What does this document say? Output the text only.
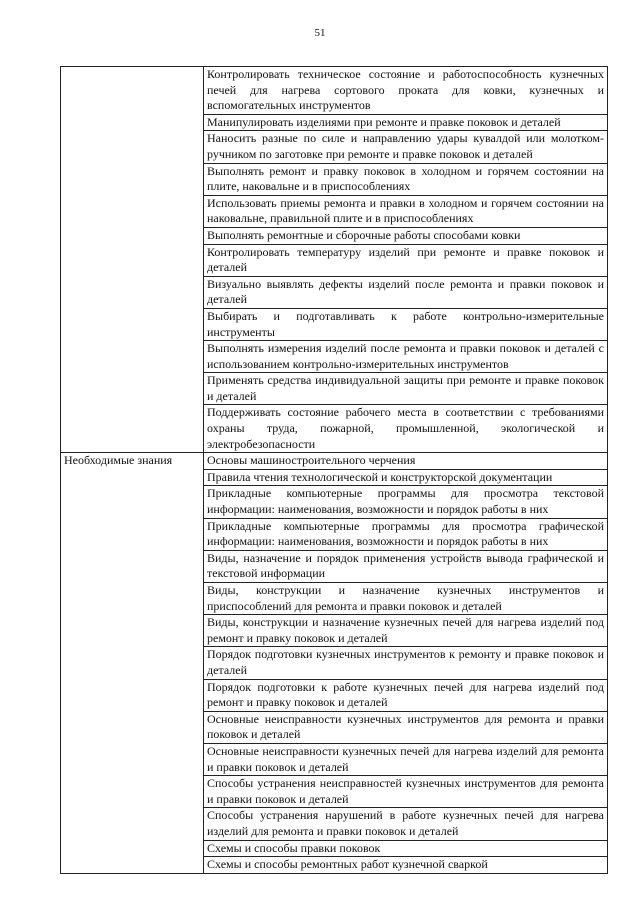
51
	Контролировать техническое состояние и работоспособность кузнечных печей для нагрева сортового проката для ковки, кузнечных и вспомогательных инструментов
	Манипулировать изделиями при ремонте и правке поковок и деталей
	Наносить разные по силе и направлению удары кувалдой или молотком-ручником по заготовке при ремонте и правке поковок и деталей
	Выполнять ремонт и правку поковок в холодном и горячем состоянии на плите, наковальне и в приспособлениях
	Использовать приемы ремонта и правки в холодном и горячем состоянии на наковальне, правильной плите и в приспособлениях
	Выполнять ремонтные и сборочные работы способами ковки
	Контролировать температуру изделий при ремонте и правке поковок и деталей
	Визуально выявлять дефекты изделий после ремонта и правки поковок и деталей
	Выбирать и подготавливать к работе контрольно-измерительные инструменты
	Выполнять измерения изделий после ремонта и правки поковок и деталей с использованием контрольно-измерительных инструментов
	Применять средства индивидуальной защиты при ремонте и правке поковок и деталей
	Поддерживать состояние рабочего места в соответствии с требованиями охраны труда, пожарной, промышленной, экологической и электробезопасности
Необходимые знания	Основы машиностроительного черчения
	Правила чтения технологической и конструкторской документации
	Прикладные компьютерные программы для просмотра текстовой информации: наименования, возможности и порядок работы в них
	Прикладные компьютерные программы для просмотра графической информации: наименования, возможности и порядок работы в них
	Виды, назначение и порядок применения устройств вывода графической и текстовой информации
	Виды, конструкции и назначение кузнечных инструментов и приспособлений для ремонта и правки поковок и деталей
	Виды, конструкции и назначение кузнечных печей для нагрева изделий под ремонт и правку поковок и деталей
	Порядок подготовки кузнечных инструментов к ремонту и правке поковок и деталей
	Порядок подготовки к работе кузнечных печей для нагрева изделий под ремонт и правку поковок и деталей
	Основные неисправности кузнечных инструментов для ремонта и правки поковок и деталей
	Основные неисправности кузнечных печей для нагрева изделий для ремонта и правки поковок и деталей
	Способы устранения неисправностей кузнечных инструментов для ремонта и правки поковок и деталей
	Способы устранения нарушений в работе кузнечных печей для нагрева изделий для ремонта и правки поковок и деталей
	Схемы и способы правки поковок
	Схемы и способы ремонтных работ кузнечной сваркой
